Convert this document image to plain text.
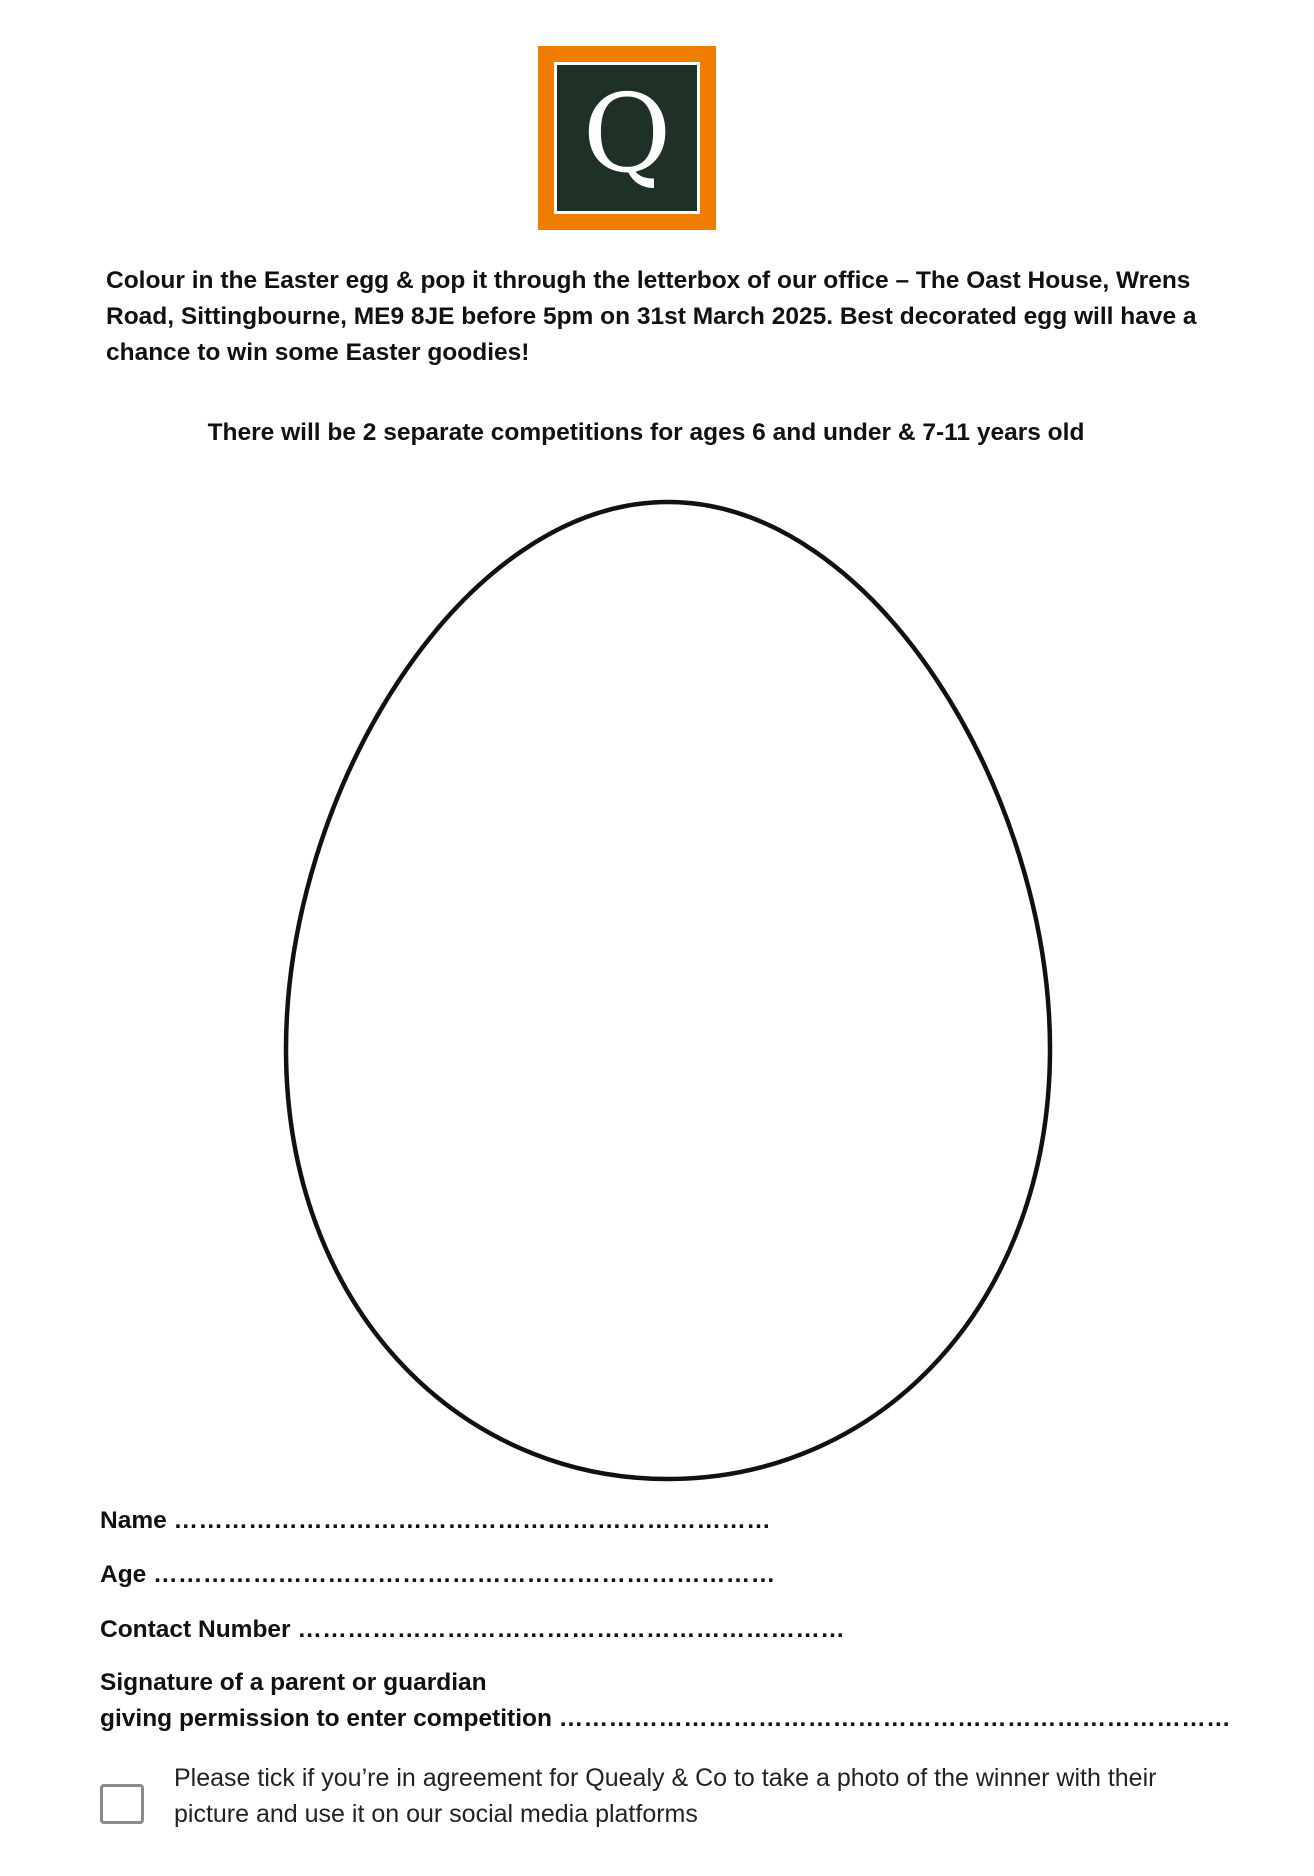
Q

Colour in the Easter egg & pop it through the letterbox of our office – The Oast House, Wrens Road, Sittingbourne, ME9 8JE before 5pm on 31st March 2025. Best decorated egg will have a chance to win some Easter goodies!

There will be 2 separate competitions for ages 6 and under & 7-11 years old

Name ………………………………………………………………
Age …………………………………………………………………
Contact Number …………………………………………………………
Signature of a parent or guardian
giving permission to enter competition ………………………………………………………………………

Please tick if you’re in agreement for Quealy & Co to take a photo of the winner with their picture and use it on our social media platforms
